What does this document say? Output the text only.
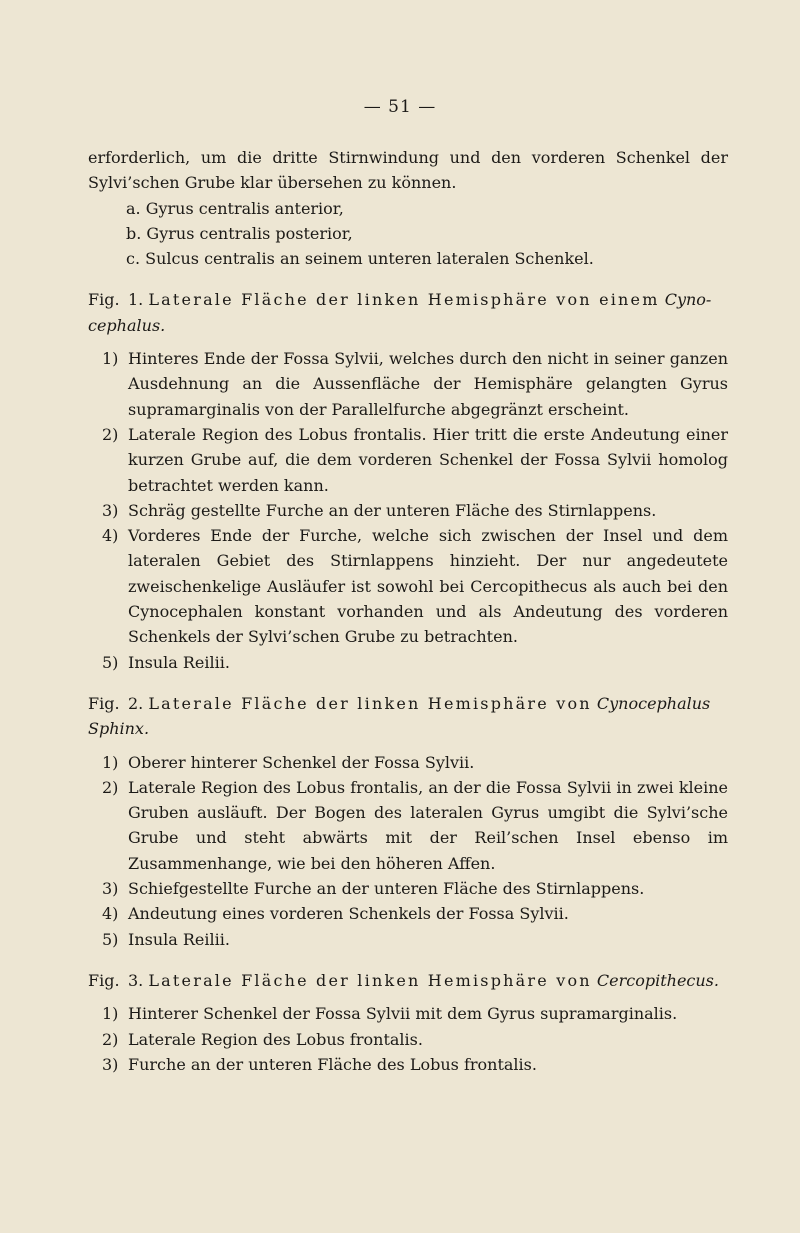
— 51 —

erforderlich, um die dritte Stirnwindung und den vorderen Schenkel der Sylvi’schen Grube klar übersehen zu können.

a. Gyrus centralis anterior,
b. Gyrus centralis posterior,
c. Sulcus centralis an seinem unteren lateralen Schenkel.
Fig. 1. Laterale Fläche der linken Hemisphäre von einem Cyno-cephalus.
1) Hinteres Ende der Fossa Sylvii, welches durch den nicht in seiner ganzen Ausdehnung an die Aussenfläche der Hemisphäre gelangten Gyrus supramarginalis von der Parallelfurche abgegränzt erscheint.
2) Laterale Region des Lobus frontalis. Hier tritt die erste Andeutung einer kurzen Grube auf, die dem vorderen Schenkel der Fossa Sylvii homolog betrachtet werden kann.
3) Schräg gestellte Furche an der unteren Fläche des Stirnlappens.
4) Vorderes Ende der Furche, welche sich zwischen der Insel und dem lateralen Gebiet des Stirnlappens hinzieht. Der nur angedeutete zweischenkelige Ausläufer ist sowohl bei Cercopithecus als auch bei den Cynocephalen konstant vorhanden und als Andeutung des vorderen Schenkels der Sylvi’schen Grube zu betrachten.
5) Insula Reilii.
Fig. 2. Laterale Fläche der linken Hemisphäre von Cynocephalus Sphinx.
1) Oberer hinterer Schenkel der Fossa Sylvii.
2) Laterale Region des Lobus frontalis, an der die Fossa Sylvii in zwei kleine Gruben ausläuft. Der Bogen des lateralen Gyrus umgibt die Sylvi’sche Grube und steht abwärts mit der Reil’schen Insel ebenso im Zusammenhange, wie bei den höheren Affen.
3) Schiefgestellte Furche an der unteren Fläche des Stirnlappens.
4) Andeutung eines vorderen Schenkels der Fossa Sylvii.
5) Insula Reilii.
Fig. 3. Laterale Fläche der linken Hemisphäre von Cercopithecus.
1) Hinterer Schenkel der Fossa Sylvii mit dem Gyrus supramarginalis.
2) Laterale Region des Lobus frontalis.
3) Furche an der unteren Fläche des Lobus frontalis.
